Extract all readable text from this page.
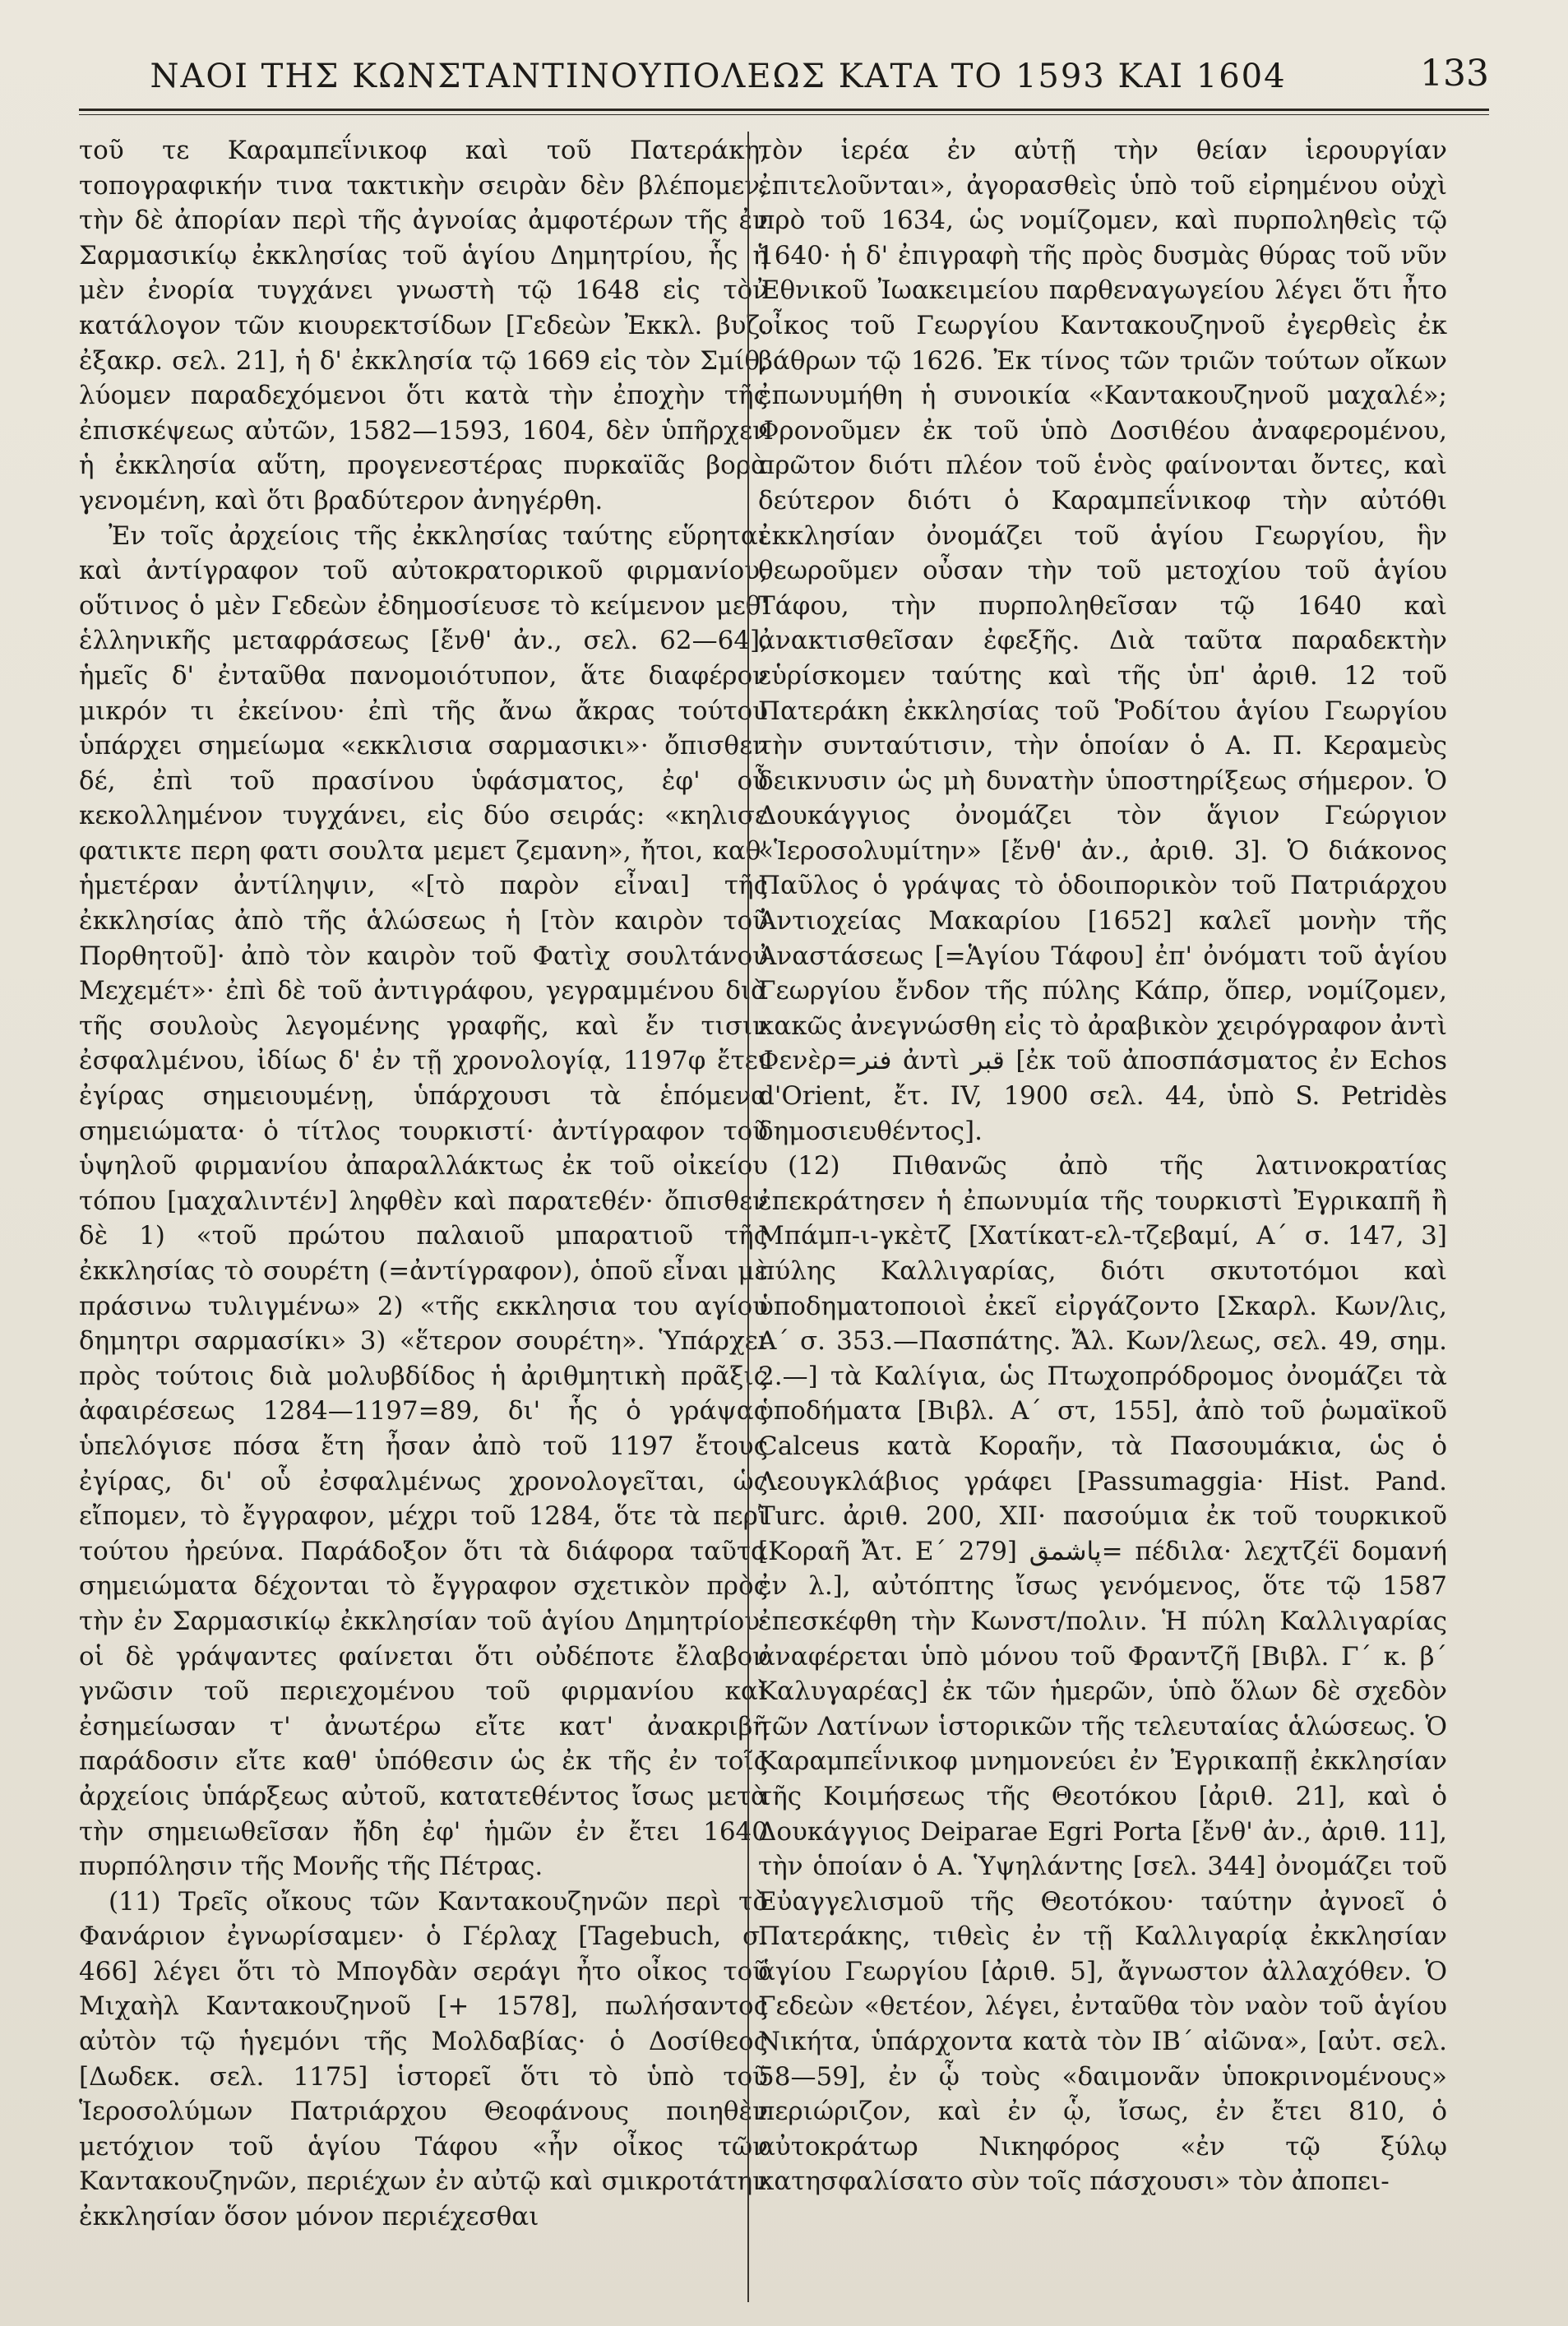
ΝΑΟΙ ΤΗΣ ΚΩΝΣΤΑΝΤΙΝΟΥΠΟΛΕΩΣ ΚΑΤΑ ΤΟ 1593 ΚΑΙ 1604	133

τοῦ τε Καραμπεΐνικοφ καὶ τοῦ Πατεράκη, τοπογραφικήν τινα τακτικὴν σειρὰν δὲν βλέπομεν, τὴν δὲ ἀπορίαν περὶ τῆς ἀγνοίας ἀμφοτέρων τῆς ἐν Σαρμασικίῳ ἐκκλησίας τοῦ ἁγίου Δημητρίου, ἧς ἡ μὲν ἐνορία τυγχάνει γνωστὴ τῷ 1648 εἰς τὸν κατάλογον τῶν κιουρεκτσίδων [Γεδεὼν Ἐκκλ. βυζ. ἐξακρ. σελ. 21], ἡ δ' ἐκκλησία τῷ 1669 εἰς τὸν Σμίθ, λύομεν παραδεχόμενοι ὅτι κατὰ τὴν ἐποχὴν τῆς ἐπισκέψεως αὐτῶν, 1582—1593, 1604, δὲν ὑπῆρχεν ἡ ἐκκλησία αὕτη, προγενεστέρας πυρκαϊᾶς βορὰ γενομένη, καὶ ὅτι βραδύτερον ἀνηγέρθη.

Ἐν τοῖς ἀρχείοις τῆς ἐκκλησίας ταύτης εὕρηται καὶ ἀντίγραφον τοῦ αὐτοκρατορικοῦ φιρμανίου, οὕτινος ὁ μὲν Γεδεὼν ἐδημοσίευσε τὸ κείμενον μεθ' ἑλληνικῆς μεταφράσεως [ἔνθ' ἀν., σελ. 62—64], ἡμεῖς δ' ἐνταῦθα πανομοιότυπον, ἅτε διαφέρον μικρόν τι ἐκείνου· ἐπὶ τῆς ἄνω ἄκρας τούτου ὑπάρχει σημείωμα «εκκλισια σαρμασικι»· ὄπισθεν δέ, ἐπὶ τοῦ πρασίνου ὑφάσματος, ἐφ' οὗ κεκολλημένον τυγχάνει, εἰς δύο σειράς: «κηλισε φατικτε περη φατι σουλτα μεμετ ζεμανη», ἤτοι, καθ' ἡμετέραν ἀντίληψιν, «[τὸ παρὸν εἶναι] τῆς ἐκκλησίας ἀπὸ τῆς ἁλώσεως ἡ [τὸν καιρὸν τοῦ Πορθητοῦ]· ἀπὸ τὸν καιρὸν τοῦ Φατὶχ σουλτάνου Μεχεμέτ»· ἐπὶ δὲ τοῦ ἀντιγράφου, γεγραμμένου διὰ τῆς σουλοὺς λεγομένης γραφῆς, καὶ ἔν τισιν ἐσφαλμένου, ἰδίως δ' ἐν τῇ χρονολογίᾳ, 1197φ ἔτει ἐγίρας σημειουμένῃ, ὑπάρχουσι τὰ ἑπόμενα σημειώματα· ὁ τίτλος τουρκιστί· ἀντίγραφον τοῦ ὑψηλοῦ φιρμανίου ἀπαραλλάκτως ἐκ τοῦ οἰκείου τόπου [μαχαλιντέν] ληφθὲν καὶ παρατεθέν· ὄπισθεν δὲ 1) «τοῦ πρώτου παλαιοῦ μπαρατιοῦ τῆς ἐκκλησίας τὸ σουρέτη (=ἀντίγραφον), ὁποῦ εἶναι μὲ πράσινω τυλιγμένω» 2) «τῆς εκκλησια του αγίου δημητρι σαρμασίκι» 3) «ἕτερον σουρέτη». Ὑπάρχει πρὸς τούτοις διὰ μολυβδίδος ἡ ἀριθμητικὴ πρᾶξις ἀφαιρέσεως 1284—1197=89, δι' ἧς ὁ γράψας ὑπελόγισε πόσα ἔτη ἦσαν ἀπὸ τοῦ 1197 ἔτους ἐγίρας, δι' οὗ ἐσφαλμένως χρονολογεῖται, ὡς εἴπομεν, τὸ ἔγγραφον, μέχρι τοῦ 1284, ὅτε τὰ περὶ τούτου ἠρεύνα. Παράδοξον ὅτι τὰ διάφορα ταῦτα σημειώματα δέχονται τὸ ἔγγραφον σχετικὸν πρὸς τὴν ἐν Σαρμασικίῳ ἐκκλησίαν τοῦ ἁγίου Δημητρίου· οἱ δὲ γράψαντες φαίνεται ὅτι οὐδέποτε ἔλαβον γνῶσιν τοῦ περιεχομένου τοῦ φιρμανίου καὶ ἐσημείωσαν τ' ἀνωτέρω εἴτε κατ' ἀνακριβῆ παράδοσιν εἴτε καθ' ὑπόθεσιν ὡς ἐκ τῆς ἐν τοῖς ἀρχείοις ὑπάρξεως αὐτοῦ, κατατεθέντος ἴσως μετὰ τὴν σημειωθεῖσαν ἤδη ἐφ' ἡμῶν ἐν ἔτει 1640 πυρπόλησιν τῆς Μονῆς τῆς Πέτρας.

(11) Τρεῖς οἴκους τῶν Καντακουζηνῶν περὶ τὸ Φανάριον ἐγνωρίσαμεν· ὁ Γέρλαχ [Tagebuch, σ. 466] λέγει ὅτι τὸ Μπογδὰν σεράγι ἦτο οἶκος τοῦ Μιχαὴλ Καντακουζηνοῦ [+ 1578], πωλήσαντος αὐτὸν τῷ ἡγεμόνι τῆς Μολδαβίας· ὁ Δοσίθεος [Δωδεκ. σελ. 1175] ἱστορεῖ ὅτι τὸ ὑπὸ τοῦ Ἱεροσολύμων Πατριάρχου Θεοφάνους ποιηθὲν μετόχιον τοῦ ἁγίου Τάφου «ἦν οἶκος τῶν Καντακουζηνῶν, περιέχων ἐν αὐτῷ καὶ σμικροτάτην ἐκκλησίαν ὅσον μόνον περιέχεσθαι

τὸν ἱερέα ἐν αὐτῇ τὴν θείαν ἱερουργίαν ἐπιτελοῦνται», ἀγορασθεὶς ὑπὸ τοῦ εἰρημένου οὐχὶ πρὸ τοῦ 1634, ὡς νομίζομεν, καὶ πυρποληθεὶς τῷ 1640· ἡ δ' ἐπιγραφὴ τῆς πρὸς δυσμὰς θύρας τοῦ νῦν Ἐθνικοῦ Ἰωακειμείου παρθεναγωγείου λέγει ὅτι ἦτο οἶκος τοῦ Γεωργίου Καντακουζηνοῦ ἐγερθεὶς ἐκ βάθρων τῷ 1626. Ἐκ τίνος τῶν τριῶν τούτων οἴκων ἐπωνυμήθη ἡ συνοικία «Καντακουζηνοῦ μαχαλέ»; Φρονοῦμεν ἐκ τοῦ ὑπὸ Δοσιθέου ἀναφερομένου, πρῶτον διότι πλέον τοῦ ἑνὸς φαίνονται ὄντες, καὶ δεύτερον διότι ὁ Καραμπεΐνικοφ τὴν αὐτόθι ἐκκλησίαν ὀνομάζει τοῦ ἁγίου Γεωργίου, ἣν θεωροῦμεν οὖσαν τὴν τοῦ μετοχίου τοῦ ἁγίου Τάφου, τὴν πυρποληθεῖσαν τῷ 1640 καὶ ἀνακτισθεῖσαν ἐφεξῆς. Διὰ ταῦτα παραδεκτὴν εὑρίσκομεν ταύτης καὶ τῆς ὑπ' ἀριθ. 12 τοῦ Πατεράκη ἐκκλησίας τοῦ Ῥοδίτου ἁγίου Γεωργίου τὴν συνταύτισιν, τὴν ὁποίαν ὁ Α. Π. Κεραμεὺς δεικνυσιν ὡς μὴ δυνατὴν ὑποστηρίξεως σήμερον. Ὁ Δουκάγγιος ὀνομάζει τὸν ἅγιον Γεώργιον «Ἱεροσολυμίτην» [ἔνθ' ἀν., ἀριθ. 3]. Ὁ διάκονος Παῦλος ὁ γράψας τὸ ὁδοιπορικὸν τοῦ Πατριάρχου Ἀντιοχείας Μακαρίου [1652] καλεῖ μονὴν τῆς Ἀναστάσεως [=Ἁγίου Τάφου] ἐπ' ὀνόματι τοῦ ἁγίου Γεωργίου ἔνδον τῆς πύλης Κάπρ, ὅπερ, νομίζομεν, κακῶς ἀνεγνώσθη εἰς τὸ ἀραβικὸν χειρόγραφον ἀντὶ Φενὲρ=فنر ἀντὶ قبر [ἐκ τοῦ ἀποσπάσματος ἐν Echos d'Orient, ἔτ. IV, 1900 σελ. 44, ὑπὸ S. Petridès δημοσιευθέντος].

(12) Πιθανῶς ἀπὸ τῆς λατινοκρατίας ἐπεκράτησεν ἡ ἐπωνυμία τῆς τουρκιστὶ Ἐγρικαπῆ ἢ Μπάμπ-ι-γκὲτζ [Χατίκατ-ελ-τζεβαμί, Α΄ σ. 147, 3] πύλης Καλλιγαρίας, διότι σκυτοτόμοι καὶ ὑποδηματοποιοὶ ἐκεῖ εἰργάζοντο [Σκαρλ. Κων/λις, Α΄ σ. 353.—Πασπάτης. Ἄλ. Κων/λεως, σελ. 49, σημ. 2.—] τὰ Καλίγια, ὡς Πτωχοπρόδρομος ὀνομάζει τὰ ὑποδήματα [Βιβλ. Α΄ στ, 155], ἀπὸ τοῦ ῥωμαϊκοῦ Calceus κατὰ Κοραῆν, τὰ Πασουμάκια, ὡς ὁ Λεουγκλάβιος γράφει [Passumaggia· Hist. Pand. Turc. ἀριθ. 200, XII· πασούμια ἐκ τοῦ τουρκικοῦ [Κοραῆ Ἄτ. Ε΄ 279] پاشمق= πέδιλα· λεχτζέϊ δομανή ἐν λ.], αὐτόπτης ἴσως γενόμενος, ὅτε τῷ 1587 ἐπεσκέφθη τὴν Κωνστ/πολιν. Ἡ πύλη Καλλιγαρίας ἀναφέρεται ὑπὸ μόνου τοῦ Φραντζῆ [Βιβλ. Γ΄ κ. β΄ Καλυγαρέας] ἐκ τῶν ἡμερῶν, ὑπὸ ὅλων δὲ σχεδὸν τῶν Λατίνων ἱστορικῶν τῆς τελευταίας ἁλώσεως. Ὁ Καραμπεΐνικοφ μνημονεύει ἐν Ἐγρικαπῇ ἐκκλησίαν τῆς Κοιμήσεως τῆς Θεοτόκου [ἀριθ. 21], καὶ ὁ Δουκάγγιος Deiparae Egri Porta [ἔνθ' ἀν., ἀριθ. 11], τὴν ὁποίαν ὁ Α. Ὑψηλάντης [σελ. 344] ὀνομάζει τοῦ Εὐαγγελισμοῦ τῆς Θεοτόκου· ταύτην ἀγνοεῖ ὁ Πατεράκης, τιθεὶς ἐν τῇ Καλλιγαρίᾳ ἐκκλησίαν ἁγίου Γεωργίου [ἀριθ. 5], ἄγνωστον ἀλλαχόθεν. Ὁ Γεδεὼν «θετέον, λέγει, ἐνταῦθα τὸν ναὸν τοῦ ἁγίου Νικήτα, ὑπάρχοντα κατὰ τὸν ΙΒ΄ αἰῶνα», [αὐτ. σελ. 58—59], ἐν ᾧ τοὺς «δαιμονᾶν ὑποκρινομένους» περιώριζον, καὶ ἐν ᾧ, ἴσως, ἐν ἔτει 810, ὁ αὐτοκράτωρ Νικηφόρος «ἐν τῷ ξύλῳ κατησφαλίσατο σὺν τοῖς πάσχουσι» τὸν ἀποπει-
